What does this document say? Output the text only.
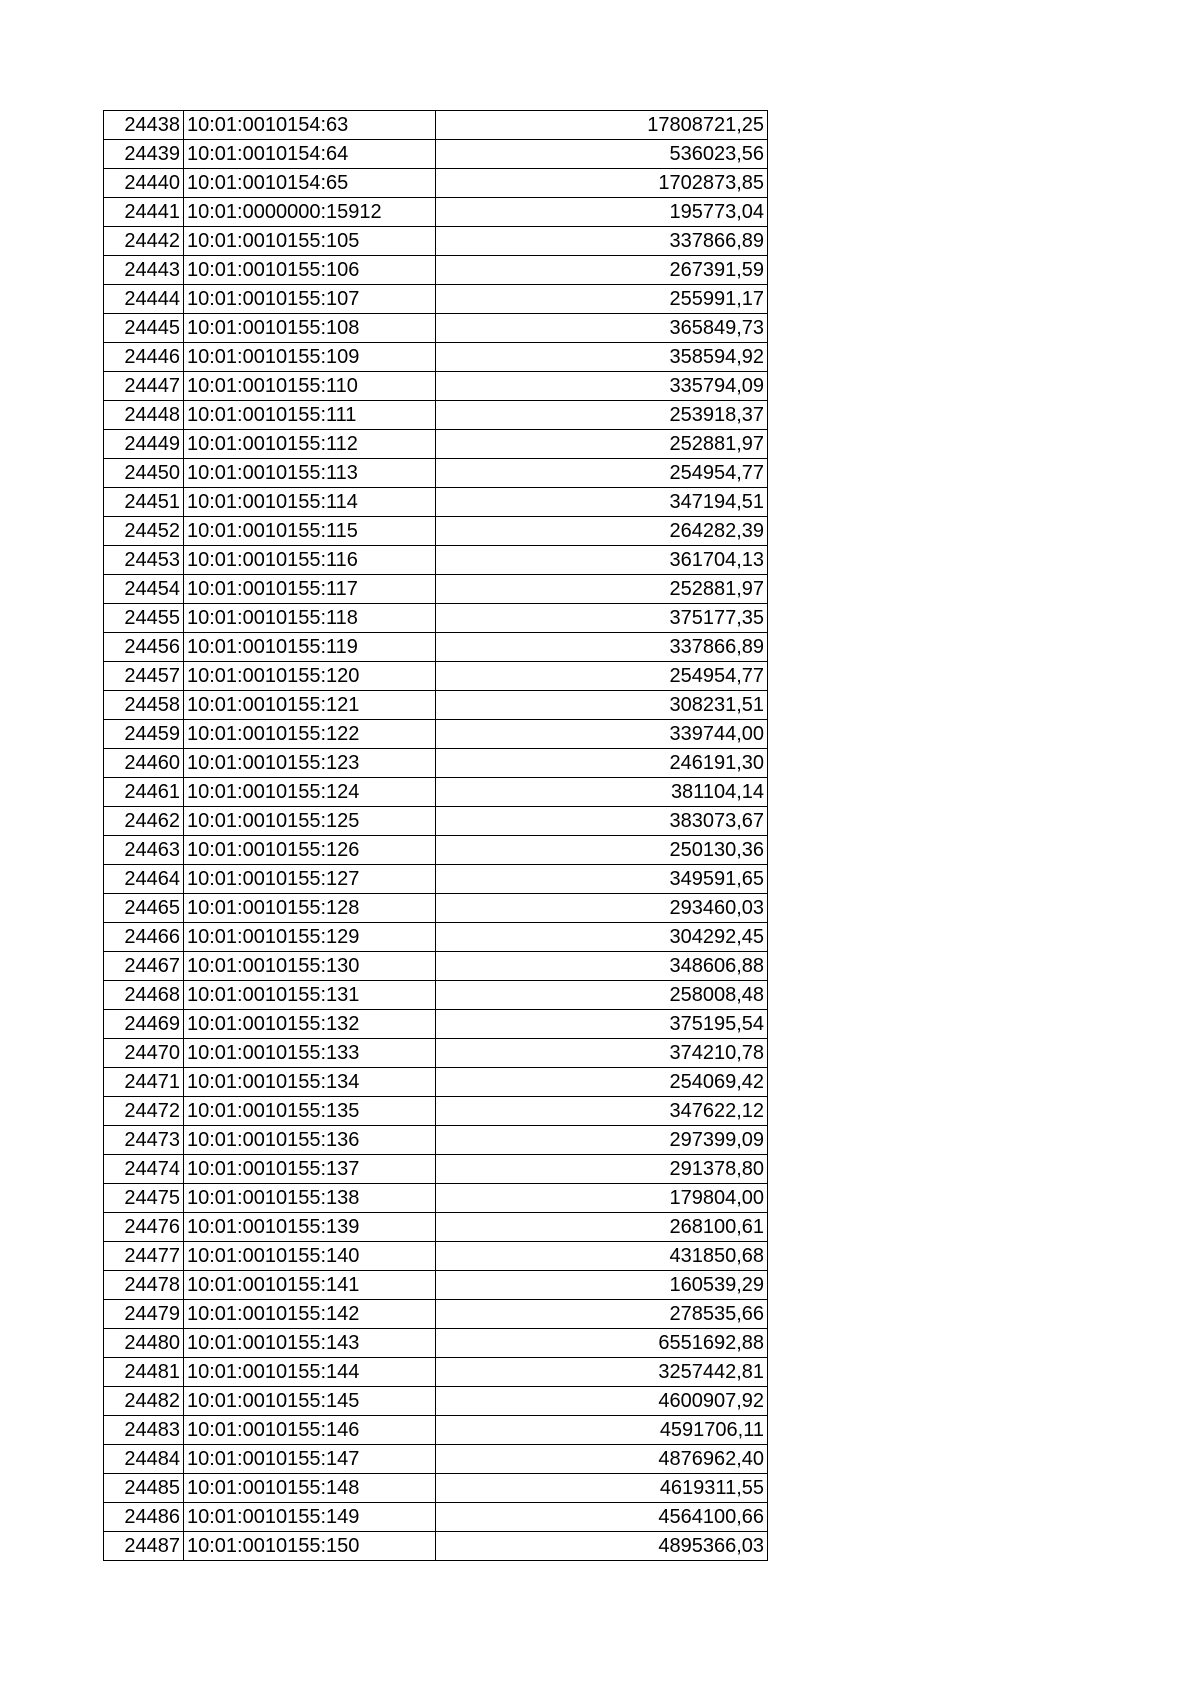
24438	10:01:0010154:63	17808721,25
24439	10:01:0010154:64	536023,56
24440	10:01:0010154:65	1702873,85
24441	10:01:0000000:15912	195773,04
24442	10:01:0010155:105	337866,89
24443	10:01:0010155:106	267391,59
24444	10:01:0010155:107	255991,17
24445	10:01:0010155:108	365849,73
24446	10:01:0010155:109	358594,92
24447	10:01:0010155:110	335794,09
24448	10:01:0010155:111	253918,37
24449	10:01:0010155:112	252881,97
24450	10:01:0010155:113	254954,77
24451	10:01:0010155:114	347194,51
24452	10:01:0010155:115	264282,39
24453	10:01:0010155:116	361704,13
24454	10:01:0010155:117	252881,97
24455	10:01:0010155:118	375177,35
24456	10:01:0010155:119	337866,89
24457	10:01:0010155:120	254954,77
24458	10:01:0010155:121	308231,51
24459	10:01:0010155:122	339744,00
24460	10:01:0010155:123	246191,30
24461	10:01:0010155:124	381104,14
24462	10:01:0010155:125	383073,67
24463	10:01:0010155:126	250130,36
24464	10:01:0010155:127	349591,65
24465	10:01:0010155:128	293460,03
24466	10:01:0010155:129	304292,45
24467	10:01:0010155:130	348606,88
24468	10:01:0010155:131	258008,48
24469	10:01:0010155:132	375195,54
24470	10:01:0010155:133	374210,78
24471	10:01:0010155:134	254069,42
24472	10:01:0010155:135	347622,12
24473	10:01:0010155:136	297399,09
24474	10:01:0010155:137	291378,80
24475	10:01:0010155:138	179804,00
24476	10:01:0010155:139	268100,61
24477	10:01:0010155:140	431850,68
24478	10:01:0010155:141	160539,29
24479	10:01:0010155:142	278535,66
24480	10:01:0010155:143	6551692,88
24481	10:01:0010155:144	3257442,81
24482	10:01:0010155:145	4600907,92
24483	10:01:0010155:146	4591706,11
24484	10:01:0010155:147	4876962,40
24485	10:01:0010155:148	4619311,55
24486	10:01:0010155:149	4564100,66
24487	10:01:0010155:150	4895366,03
